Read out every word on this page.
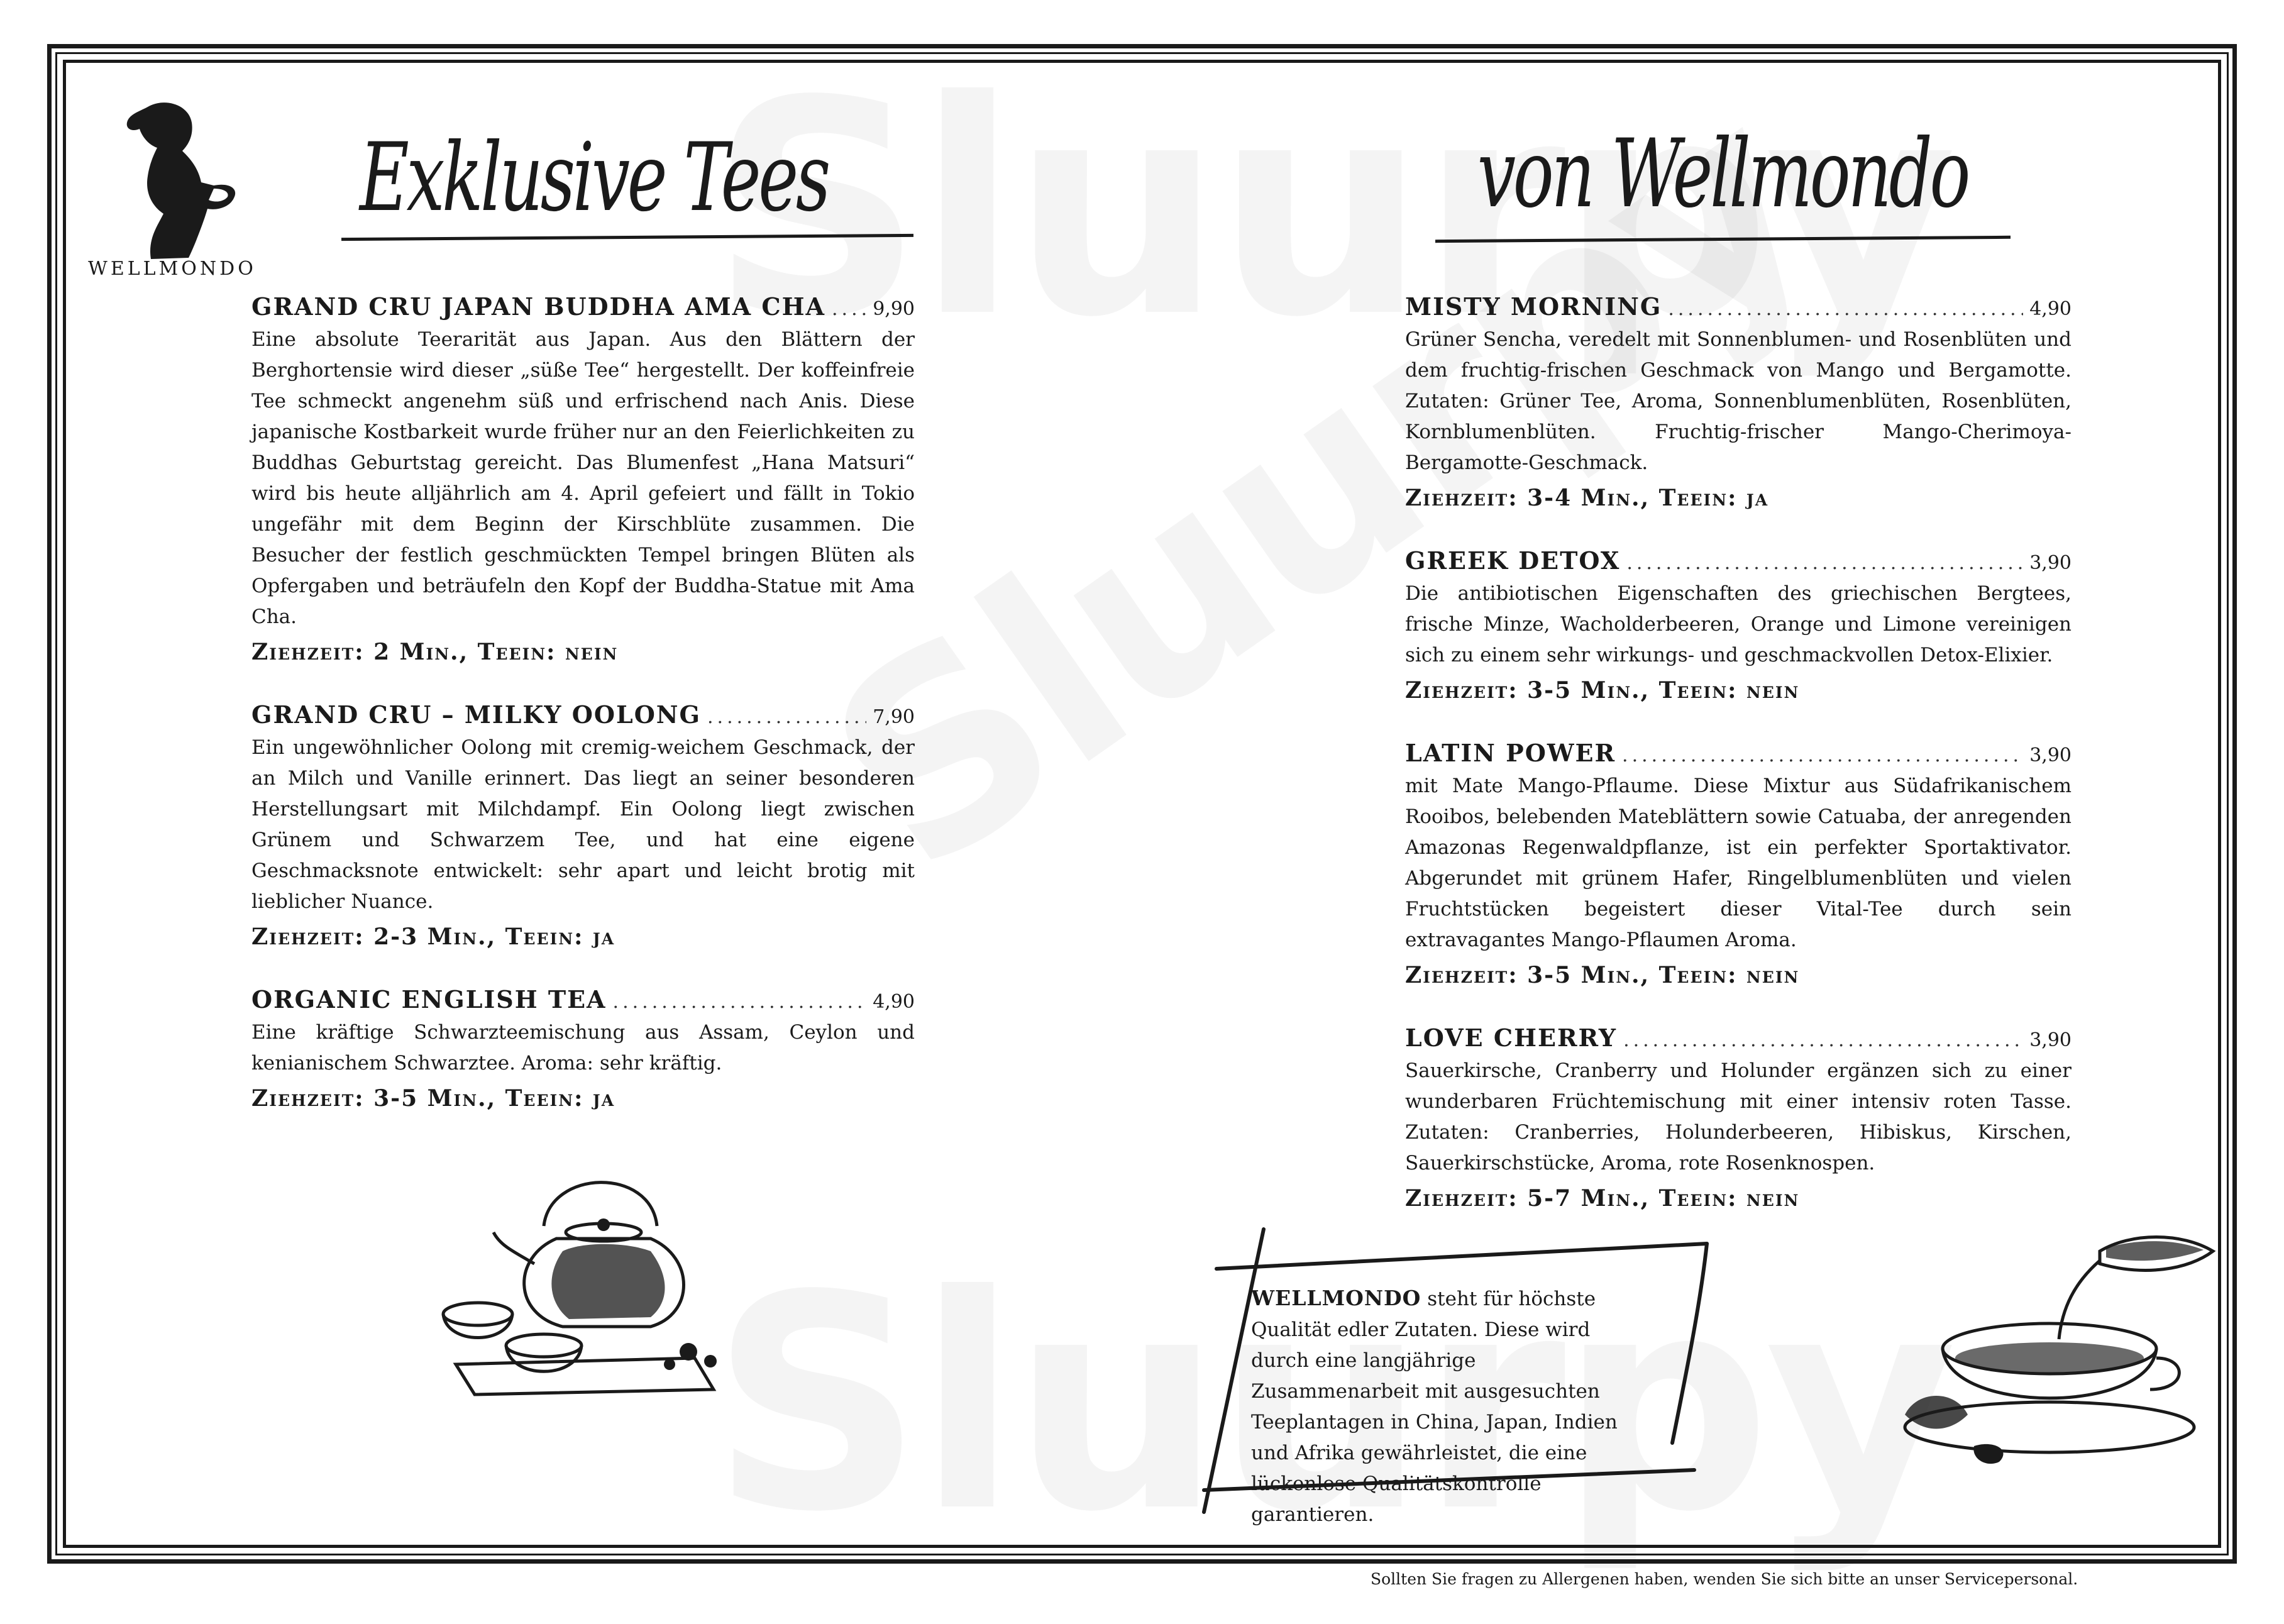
WELLMONDO
Exklusive Tees	von Wellmondo
GRAND CRU JAPAN BUDDHA AMA CHA .....	9,90
Eine absolute Teerarität aus Japan. Aus den Blättern der Berghortensie wird dieser „süße Tee“ hergestellt. Der koffeinfreie Tee schmeckt angenehm süß und erfrischend nach Anis. Diese japanische Kostbarkeit wurde früher nur an den Feierlichkeiten zu Buddhas Geburtstag gereicht. Das Blumenfest „Hana Matsuri“ wird bis heute alljährlich am 4. April gefeiert und fällt in Tokio ungefähr mit dem Beginn der Kirschblüte zusammen. Die Besucher der festlich geschmückten Tempel bringen Blüten als Opfergaben und beträufeln den Kopf der Buddha-Statue mit Ama Cha.
Ziehzeit: 2 Min., Teein: nein
GRAND CRU – MILKY OOLONG .....	7,90
Ein ungewöhnlicher Oolong mit cremig-weichem Geschmack, der an Milch und Vanille erinnert. Das liegt an seiner besonderen Herstellungsart mit Milchdampf. Ein Oolong liegt zwischen Grünem und Schwarzem Tee, und hat eine eigene Geschmacksnote entwickelt: sehr apart und leicht brotig mit lieblicher Nuance.
Ziehzeit: 2-3 Min., Teein: ja
ORGANIC ENGLISH TEA .....	4,90
Eine kräftige Schwarzteemischung aus Assam, Ceylon und kenianischem Schwarztee. Aroma: sehr kräftig.
Ziehzeit: 3-5 Min., Teein: ja
MISTY MORNING .....	4,90
Grüner Sencha, veredelt mit Sonnenblumen- und Rosenblüten und dem fruchtig-frischen Geschmack von Mango und Bergamotte. Zutaten: Grüner Tee, Aroma, Sonnenblumenblüten, Rosenblüten, Kornblumenblüten. Fruchtig-frischer Mango-Cherimoya-Bergamotte-Geschmack.
Ziehzeit: 3-4 Min., Teein: ja
GREEK DETOX .....	3,90
Die antibiotischen Eigenschaften des griechischen Bergtees, frische Minze, Wacholderbeeren, Orange und Limone vereinigen sich zu einem sehr wirkungs- und geschmackvollen Detox-Elixier.
Ziehzeit: 3-5 Min., Teein: nein
LATIN POWER .....	3,90
mit Mate Mango-Pflaume. Diese Mixtur aus Südafrikanischem Rooibos, belebenden Mateblättern sowie Catuaba, der anregenden Amazonas Regenwaldpflanze, ist ein perfekter Sportaktivator. Abgerundet mit grünem Hafer, Ringelblumenblüten und vielen Fruchtstücken begeistert dieser Vital-Tee durch sein extravagantes Mango-Pflaumen Aroma.
Ziehzeit: 3-5 Min., Teein: nein
LOVE CHERRY .....	3,90
Sauerkirsche, Cranberry und Holunder ergänzen sich zu einer wunderbaren Früchtemischung mit einer intensiv roten Tasse. Zutaten: Cranberries, Holunderbeeren, Hibiskus, Kirschen, Sauerkirschstücke, Aroma, rote Rosenknospen.
Ziehzeit: 5-7 Min., Teein: nein
WELLMONDO steht für höchste Qualität edler Zutaten. Diese wird durch eine langjährige Zusammenarbeit mit ausgesuchten Teeplantagen in China, Japan, Indien und Afrika gewährleistet, die eine lückenlose Qualitätskontrolle garantieren.
Sollten Sie fragen zu Allergenen haben, wenden Sie sich bitte an unser Servicepersonal.
